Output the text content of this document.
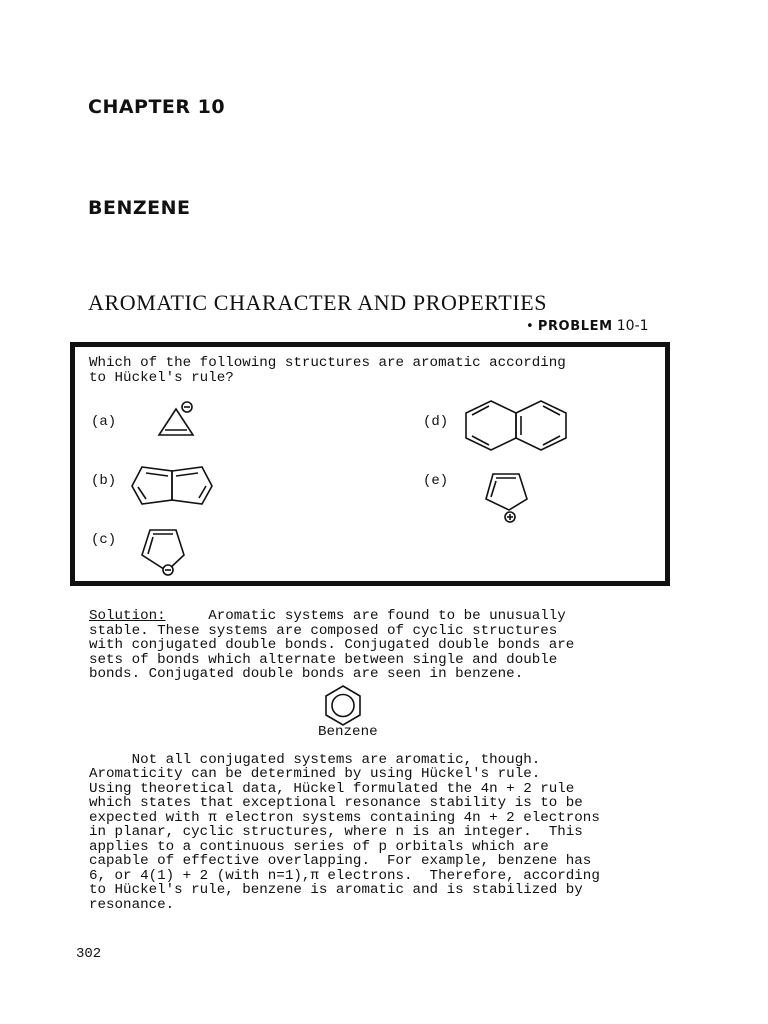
CHAPTER 10
BENZENE
AROMATIC CHARACTER AND PROPERTIES
• PROBLEM 10-1
Which of the following structures are aromatic according
to Hückel's rule?
(a)
(b)
(c)
(d)
(e)
Solution:     Aromatic systems are found to be unusually
stable. These systems are composed of cyclic structures
with conjugated double bonds. Conjugated double bonds are
sets of bonds which alternate between single and double
bonds. Conjugated double bonds are seen in benzene.
Benzene
Not all conjugated systems are aromatic, though.
Aromaticity can be determined by using Hückel's rule.
Using theoretical data, Hückel formulated the 4n + 2 rule
which states that exceptional resonance stability is to be
expected with π electron systems containing 4n + 2 electrons
in planar, cyclic structures, where n is an integer.  This
applies to a continuous series of p orbitals which are
capable of effective overlapping.  For example, benzene has
6, or 4(1) + 2 (with n=1),π electrons.  Therefore, according
to Hückel's rule, benzene is aromatic and is stabilized by
resonance.
302
